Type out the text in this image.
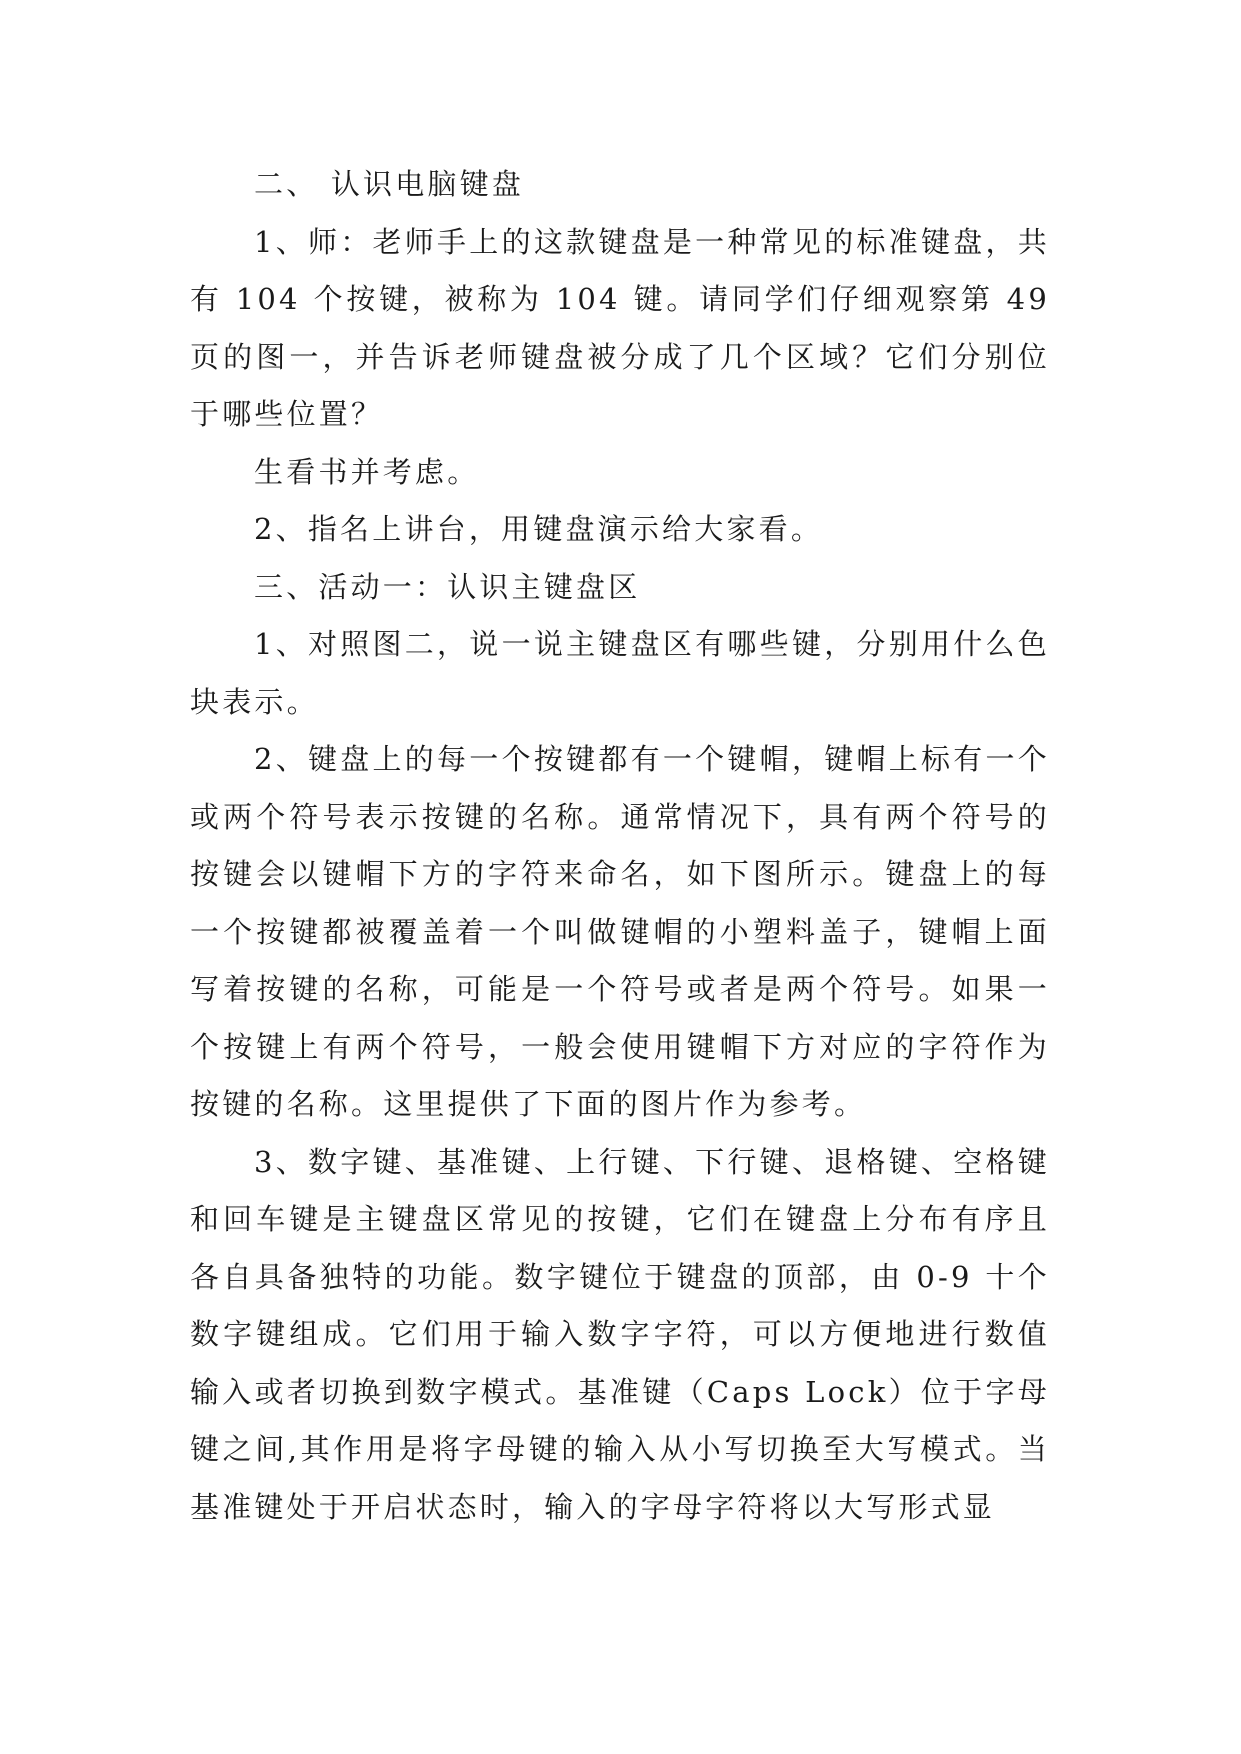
二、 认识电脑键盘

1、师：老师手上的这款键盘是一种常见的标准键盘，共有 104 个按键，被称为 104 键。请同学们仔细观察第 49 页的图一，并告诉老师键盘被分成了几个区域？它们分别位于哪些位置？

生看书并考虑。

2、指名上讲台，用键盘演示给大家看。

三、活动一：认识主键盘区

1、对照图二，说一说主键盘区有哪些键，分别用什么色块表示。

2、键盘上的每一个按键都有一个键帽，键帽上标有一个或两个符号表示按键的名称。通常情况下，具有两个符号的按键会以键帽下方的字符来命名，如下图所示。键盘上的每一个按键都被覆盖着一个叫做键帽的小塑料盖子，键帽上面写着按键的名称，可能是一个符号或者是两个符号。如果一个按键上有两个符号，一般会使用键帽下方对应的字符作为按键的名称。这里提供了下面的图片作为参考。

3、数字键、基准键、上行键、下行键、退格键、空格键和回车键是主键盘区常见的按键，它们在键盘上分布有序且各自具备独特的功能。数字键位于键盘的顶部，由 0-9 十个数字键组成。它们用于输入数字字符，可以方便地进行数值输入或者切换到数字模式。基准键（Caps Lock）位于字母键之间,其作用是将字母键的输入从小写切换至大写模式。当基准键处于开启状态时，输入的字母字符将以大写形式显
